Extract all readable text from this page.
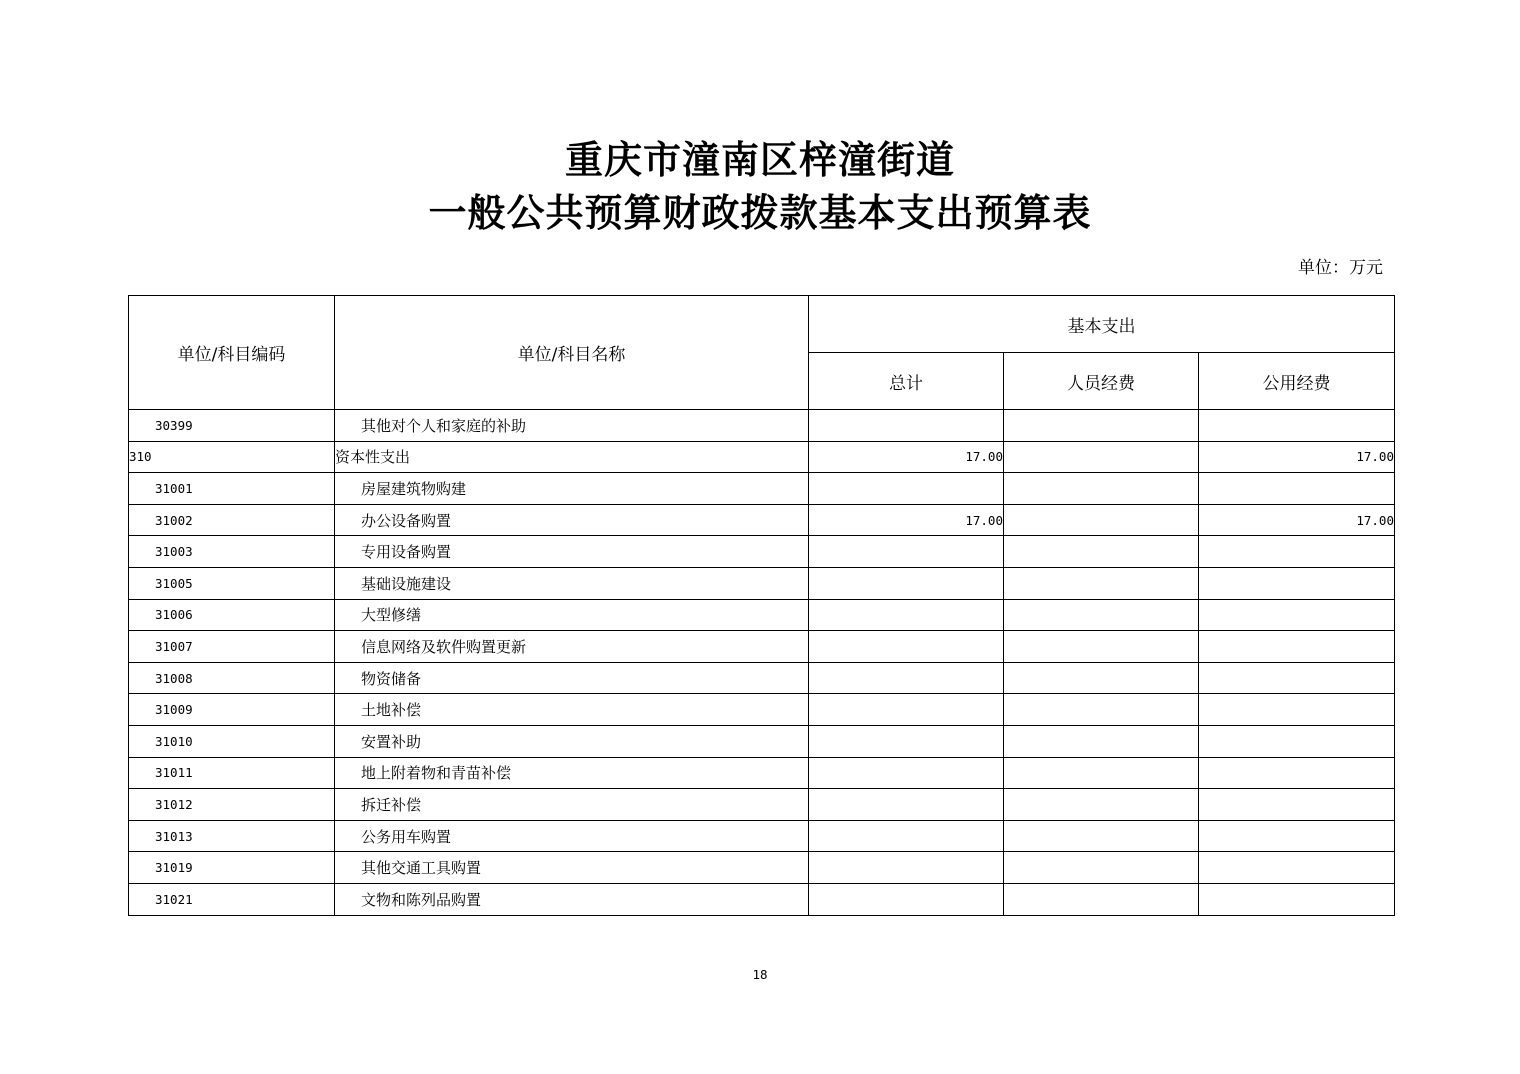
重庆市潼南区梓潼街道
一般公共预算财政拨款基本支出预算表
单位：万元
单位/科目编码	单位/科目名称	基本支出		
		总计	人员经费	公用经费
30399	其他对个人和家庭的补助			
310	资本性支出	17.00		17.00
31001	房屋建筑物购建			
31002	办公设备购置	17.00		17.00
31003	专用设备购置			
31005	基础设施建设			
31006	大型修缮			
31007	信息网络及软件购置更新			
31008	物资储备			
31009	土地补偿			
31010	安置补助			
31011	地上附着物和青苗补偿			
31012	拆迁补偿			
31013	公务用车购置			
31019	其他交通工具购置			
31021	文物和陈列品购置			
18
